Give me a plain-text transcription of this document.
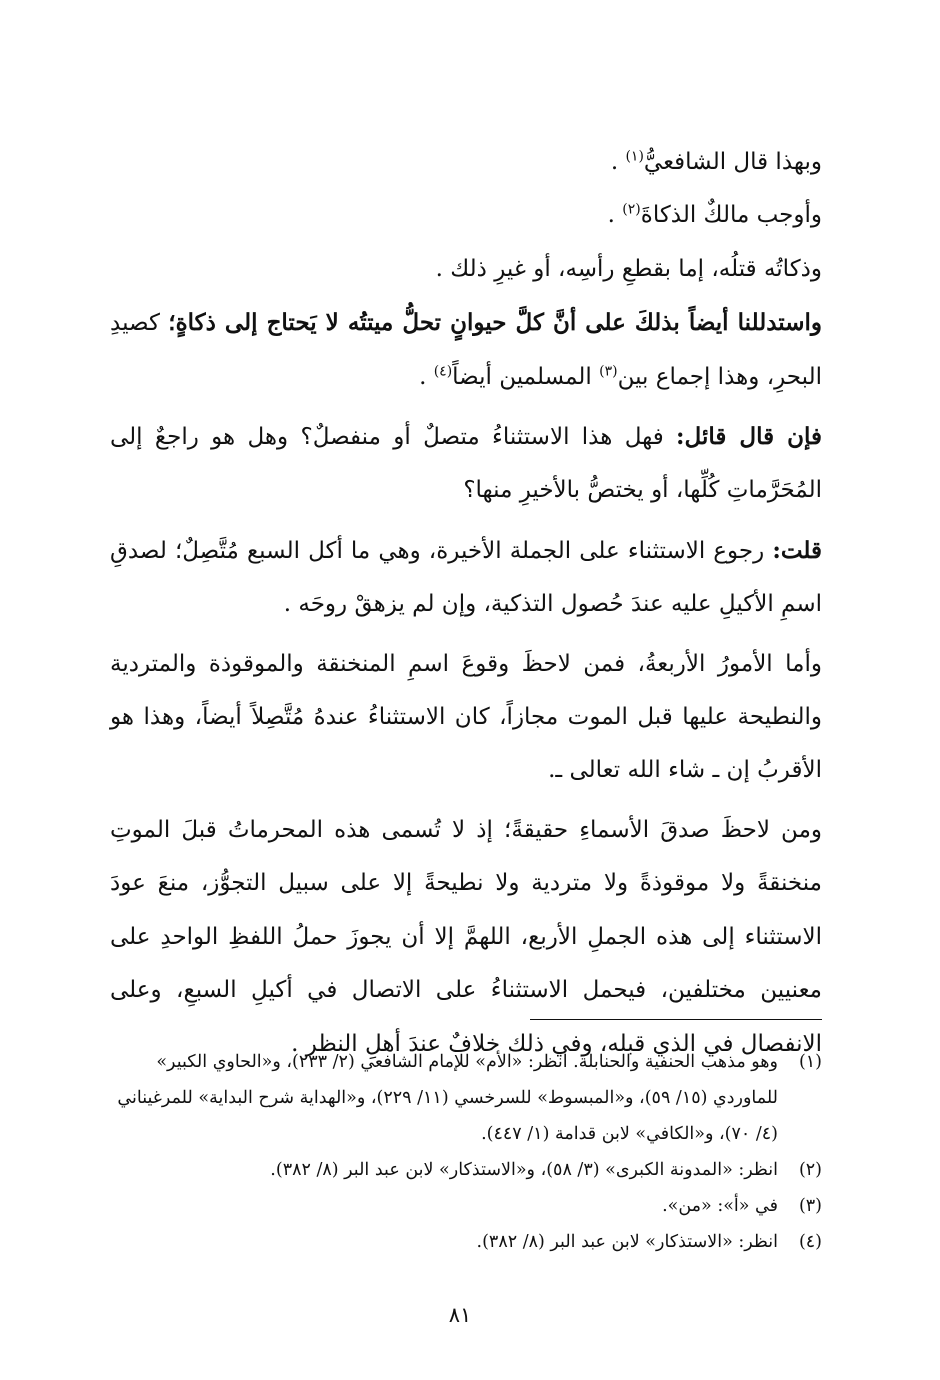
وبهذا قال الشافعيُّ$^{(١)}$ .

وأوجب مالكٌ الذكاةَ$^{(٢)}$ .

وذكاتُه قتلُه، إما بقطعِ رأسِه، أو غيرِ ذلك .

واستدللنا أيضاً بذلكَ على أنَّ كلَّ حيوانٍ تحلُّ ميتتُه لا يَحتاج إلى ذكاةٍ؛ كصيدِ البحرِ، وهذا إجماع بين$^{(٣)}$ المسلمين أيضاً$^{(٤)}$ .

فإن قال قائل: فهل هذا الاستثناءُ متصلٌ أو منفصلٌ؟ وهل هو راجعٌ إلى المُحَرَّماتِ كُلِّها، أو يختصُّ بالأخيرِ منها؟

قلت: رجوع الاستثناء على الجملة الأخيرة، وهي ما أكل السبع مُتَّصِلٌ؛ لصدقِ اسمِ الأكيلِ عليه عندَ حُصول التذكية، وإن لم يزهقْ روحَه .

وأما الأمورُ الأربعةُ، فمن لاحظَ وقوعَ اسمِ المنخنقة والموقوذة والمتردية والنطيحة عليها قبل الموت مجازاً، كان الاستثناءُ عندهُ مُتَّصِلاً أيضاً، وهذا هو الأقربُ إن ـ شاء الله تعالى ـ.

ومن لاحظَ صدقَ الأسماءِ حقيقةً؛ إذ لا تُسمى هذه المحرماتُ قبلَ الموتِ منخنقةً ولا موقوذةً ولا متردية ولا نطيحةً إلا على سبيل التجوُّز، منعَ عودَ الاستثناء إلى هذه الجملِ الأربع، اللهمَّ إلا أن يجوزَ حملُ اللفظِ الواحدِ على معنيين مختلفين، فيحمل الاستثناءُ على الاتصال في أكيلِ السبعِ، وعلى الانفصال في الذي قبله، وفي ذلك خلافٌ عندَ أهلِ النظر .

(١)
وهو مذهب الحنفية والحنابلة. انظر: «الأم» للإمام الشافعي (٢/ ٢٣٣)، و«الحاوي الكبير» للماوردي (١٥/ ٥٩)، و«المبسوط» للسرخسي (١١/ ٢٢٩)، و«الهداية شرح البداية» للمرغيناني (٤/ ٧٠)، و«الكافي» لابن قدامة (١/ ٤٤٧).
(٢)
انظر: «المدونة الكبرى» (٣/ ٥٨)، و«الاستذكار» لابن عبد البر (٨/ ٣٨٢).
(٣)
في «أ»: «من».
(٤)
انظر: «الاستذكار» لابن عبد البر (٨/ ٣٨٢).
٨١
